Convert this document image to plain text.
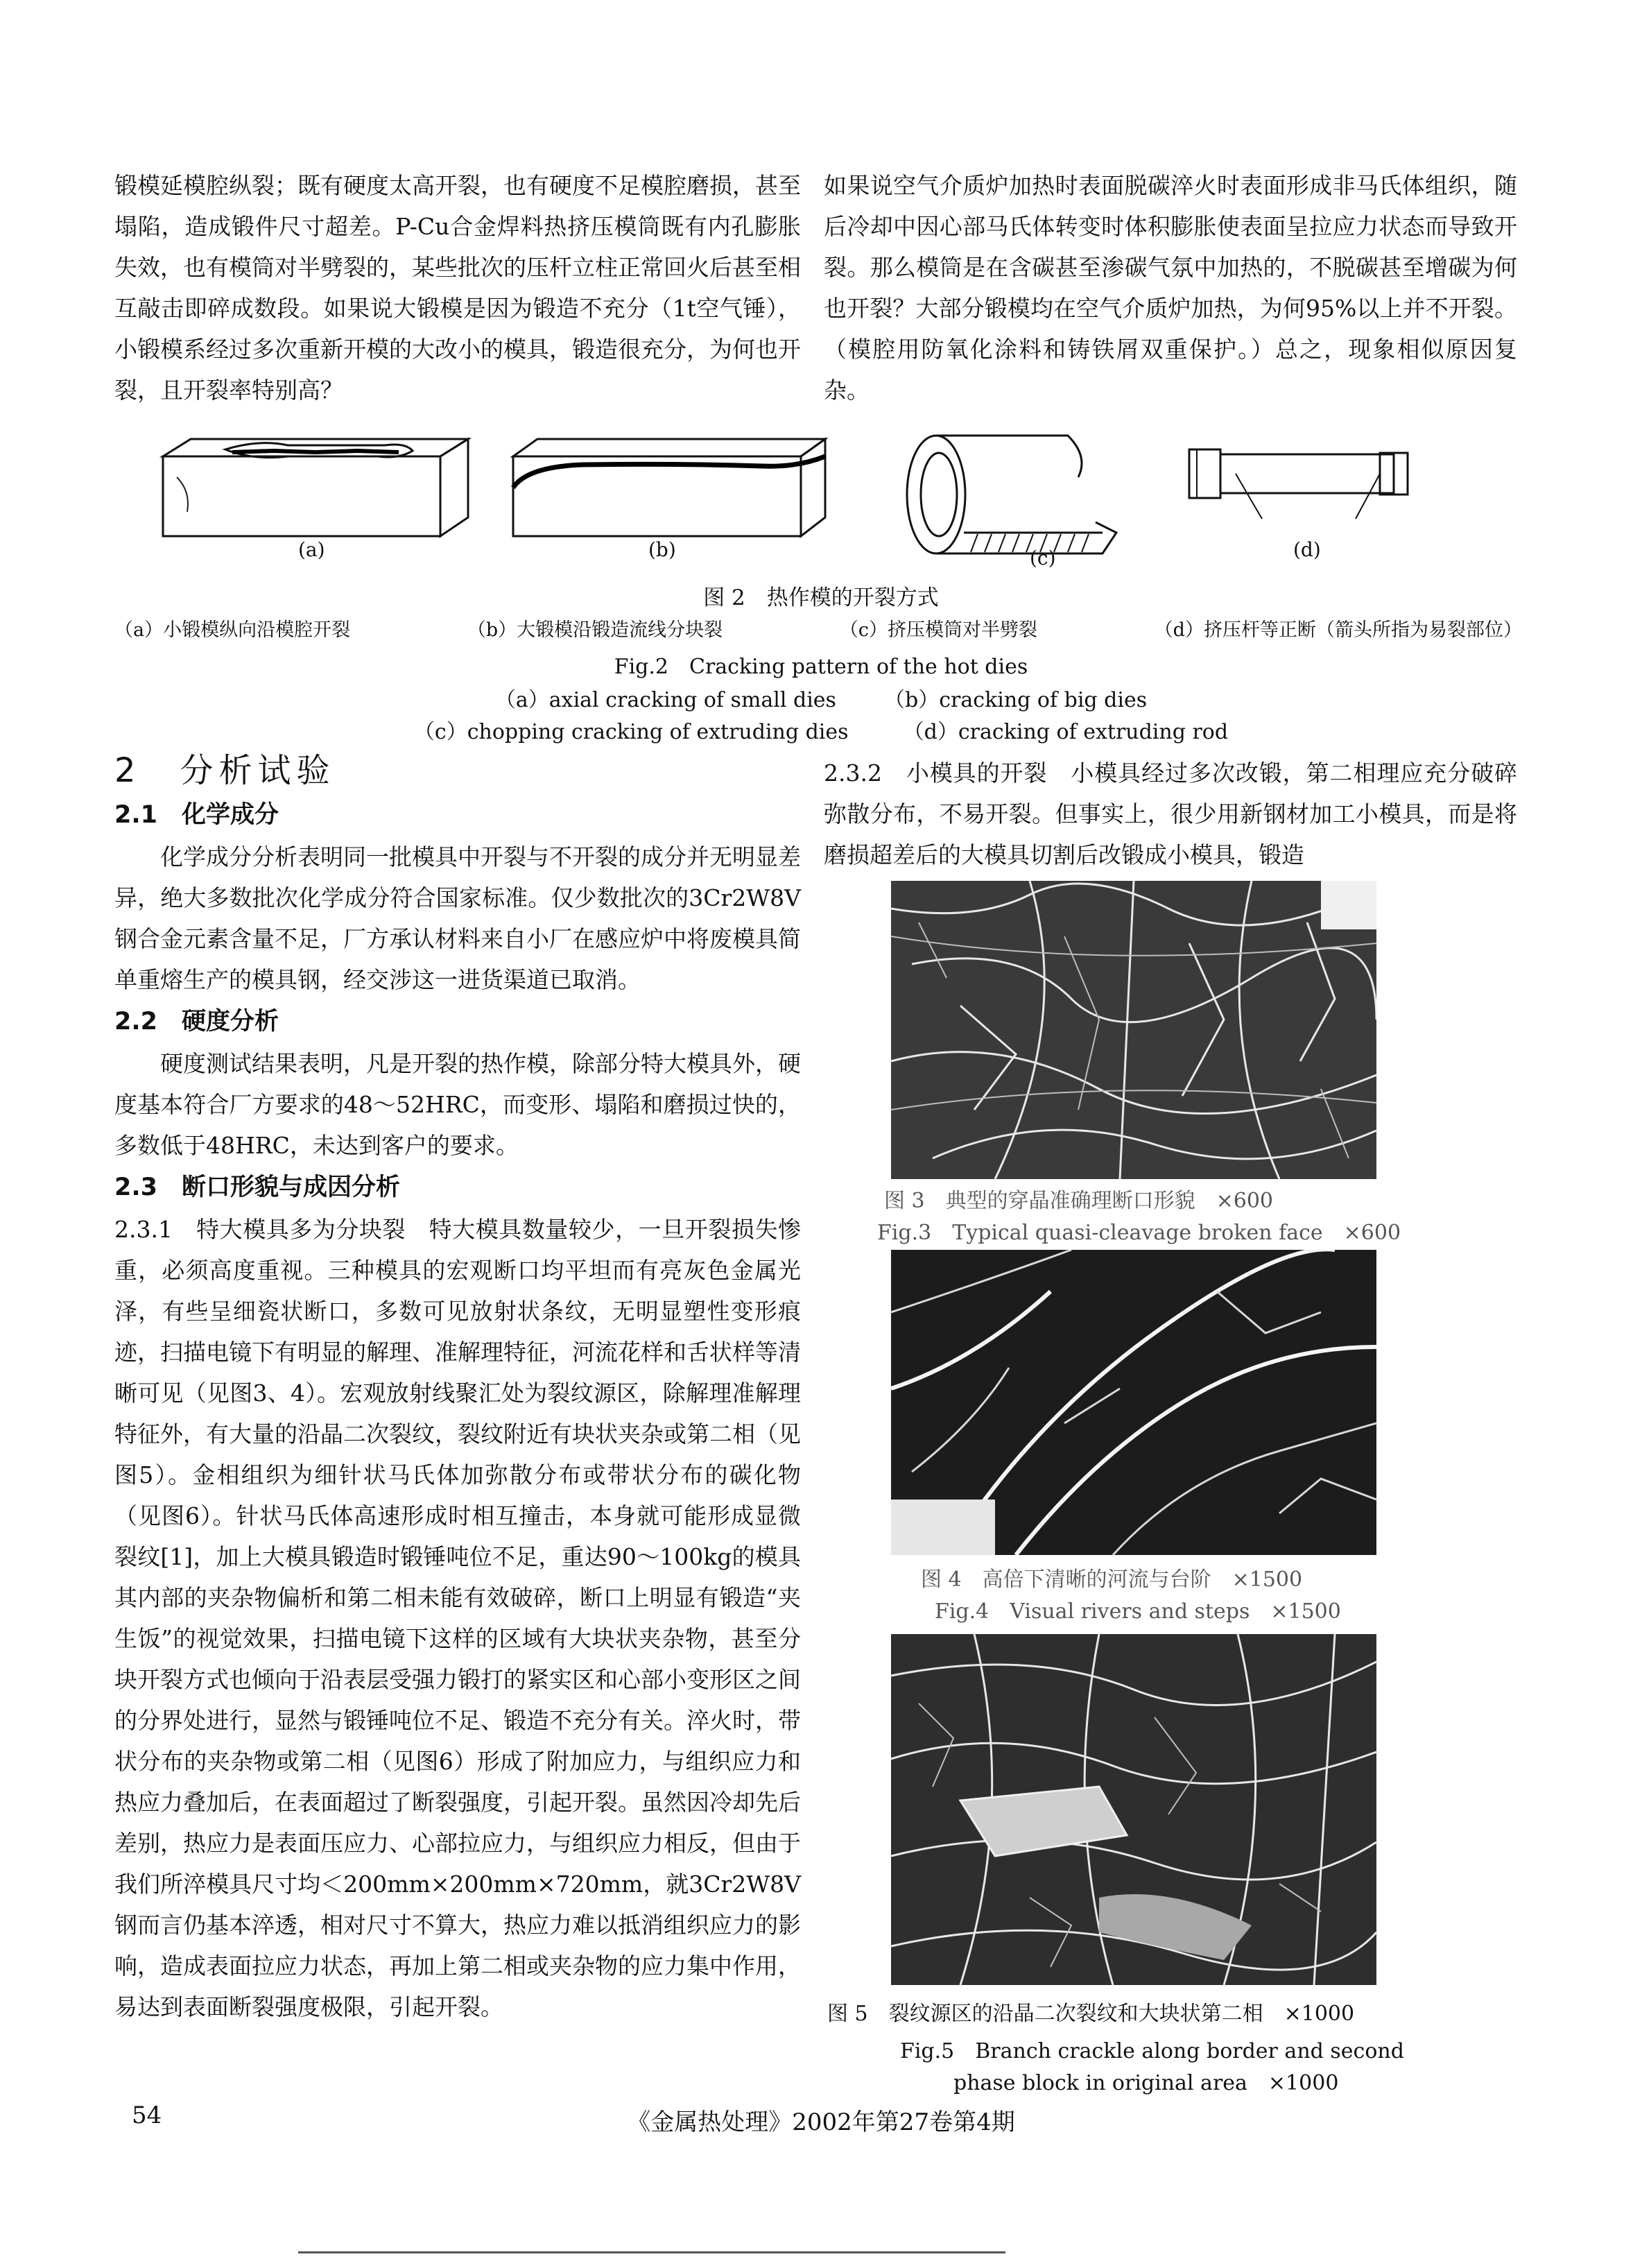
锻模延模腔纵裂；既有硬度太高开裂，也有硬度不足模腔磨损，甚至塌陷，造成锻件尺寸超差。P-Cu合金焊料热挤压模筒既有内孔膨胀失效，也有模筒对半劈裂的，某些批次的压杆立柱正常回火后甚至相互敲击即碎成数段。如果说大锻模是因为锻造不充分（1t空气锤），小锻模系经过多次重新开模的大改小的模具，锻造很充分，为何也开裂，且开裂率特别高？

如果说空气介质炉加热时表面脱碳淬火时表面形成非马氏体组织，随后冷却中因心部马氏体转变时体积膨胀使表面呈拉应力状态而导致开裂。那么模筒是在含碳甚至渗碳气氛中加热的，不脱碳甚至增碳为何也开裂？大部分锻模均在空气介质炉加热，为何95%以上并不开裂。（模腔用防氧化涂料和铸铁屑双重保护。）总之，现象相似原因复杂。

(a)	(b)	(c)	(d)
图 2　热作模的开裂方式
（a）小锻模纵向沿模腔开裂	（b）大锻模沿锻造流线分块裂	（c）挤压模筒对半劈裂	（d）挤压杆等正断（箭头所指为易裂部位）
Fig.2　Cracking pattern of the hot dies
（a）axial cracking of small dies （b）cracking of big dies
（c）chopping cracking of extruding dies	（d）cracking of extruding rod
2　分析试验
2.1　化学成分

化学成分分析表明同一批模具中开裂与不开裂的成分并无明显差异，绝大多数批次化学成分符合国家标准。仅少数批次的3Cr2W8V钢合金元素含量不足，厂方承认材料来自小厂在感应炉中将废模具简单重熔生产的模具钢，经交涉这一进货渠道已取消。

2.2　硬度分析

硬度测试结果表明，凡是开裂的热作模，除部分特大模具外，硬度基本符合厂方要求的48～52HRC，而变形、塌陷和磨损过快的，多数低于48HRC，未达到客户的要求。

2.3　断口形貌与成因分析

2.3.1　特大模具多为分块裂　特大模具数量较少，一旦开裂损失惨重，必须高度重视。三种模具的宏观断口均平坦而有亮灰色金属光泽，有些呈细瓷状断口，多数可见放射状条纹，无明显塑性变形痕迹，扫描电镜下有明显的解理、准解理特征，河流花样和舌状样等清晰可见（见图3、4）。宏观放射线聚汇处为裂纹源区，除解理准解理特征外，有大量的沿晶二次裂纹，裂纹附近有块状夹杂或第二相（见图5）。金相组织为细针状马氏体加弥散分布或带状分布的碳化物（见图6）。针状马氏体高速形成时相互撞击，本身就可能形成显微裂纹[1]，加上大模具锻造时锻锤吨位不足，重达90～100kg的模具其内部的夹杂物偏析和第二相未能有效破碎，断口上明显有锻造“夹生饭”的视觉效果，扫描电镜下这样的区域有大块状夹杂物，甚至分块开裂方式也倾向于沿表层受强力锻打的紧实区和心部小变形区之间的分界处进行，显然与锻锤吨位不足、锻造不充分有关。淬火时，带状分布的夹杂物或第二相（见图6）形成了附加应力，与组织应力和热应力叠加后，在表面超过了断裂强度，引起开裂。虽然因冷却先后差别，热应力是表面压应力、心部拉应力，与组织应力相反，但由于我们所淬模具尺寸均＜200mm×200mm×720mm，就3Cr2W8V钢而言仍基本淬透，相对尺寸不算大，热应力难以抵消组织应力的影响，造成表面拉应力状态，再加上第二相或夹杂物的应力集中作用，易达到表面断裂强度极限，引起开裂。

2.3.2　小模具的开裂　小模具经过多次改锻，第二相理应充分破碎弥散分布，不易开裂。但事实上，很少用新钢材加工小模具，而是将磨损超差后的大模具切割后改锻成小模具，锻造

图 3　典型的穿晶准确理断口形貌　×600
Fig.3　Typical quasi-cleavage broken face　×600
图 4　高倍下清晰的河流与台阶　×1500
Fig.4　Visual rivers and steps　×1500
图 5　裂纹源区的沿晶二次裂纹和大块状第二相　×1000
Fig.5　Branch crackle along border and second
phase block in original area　×1000
54	《金属热处理》2002年第27卷第4期
